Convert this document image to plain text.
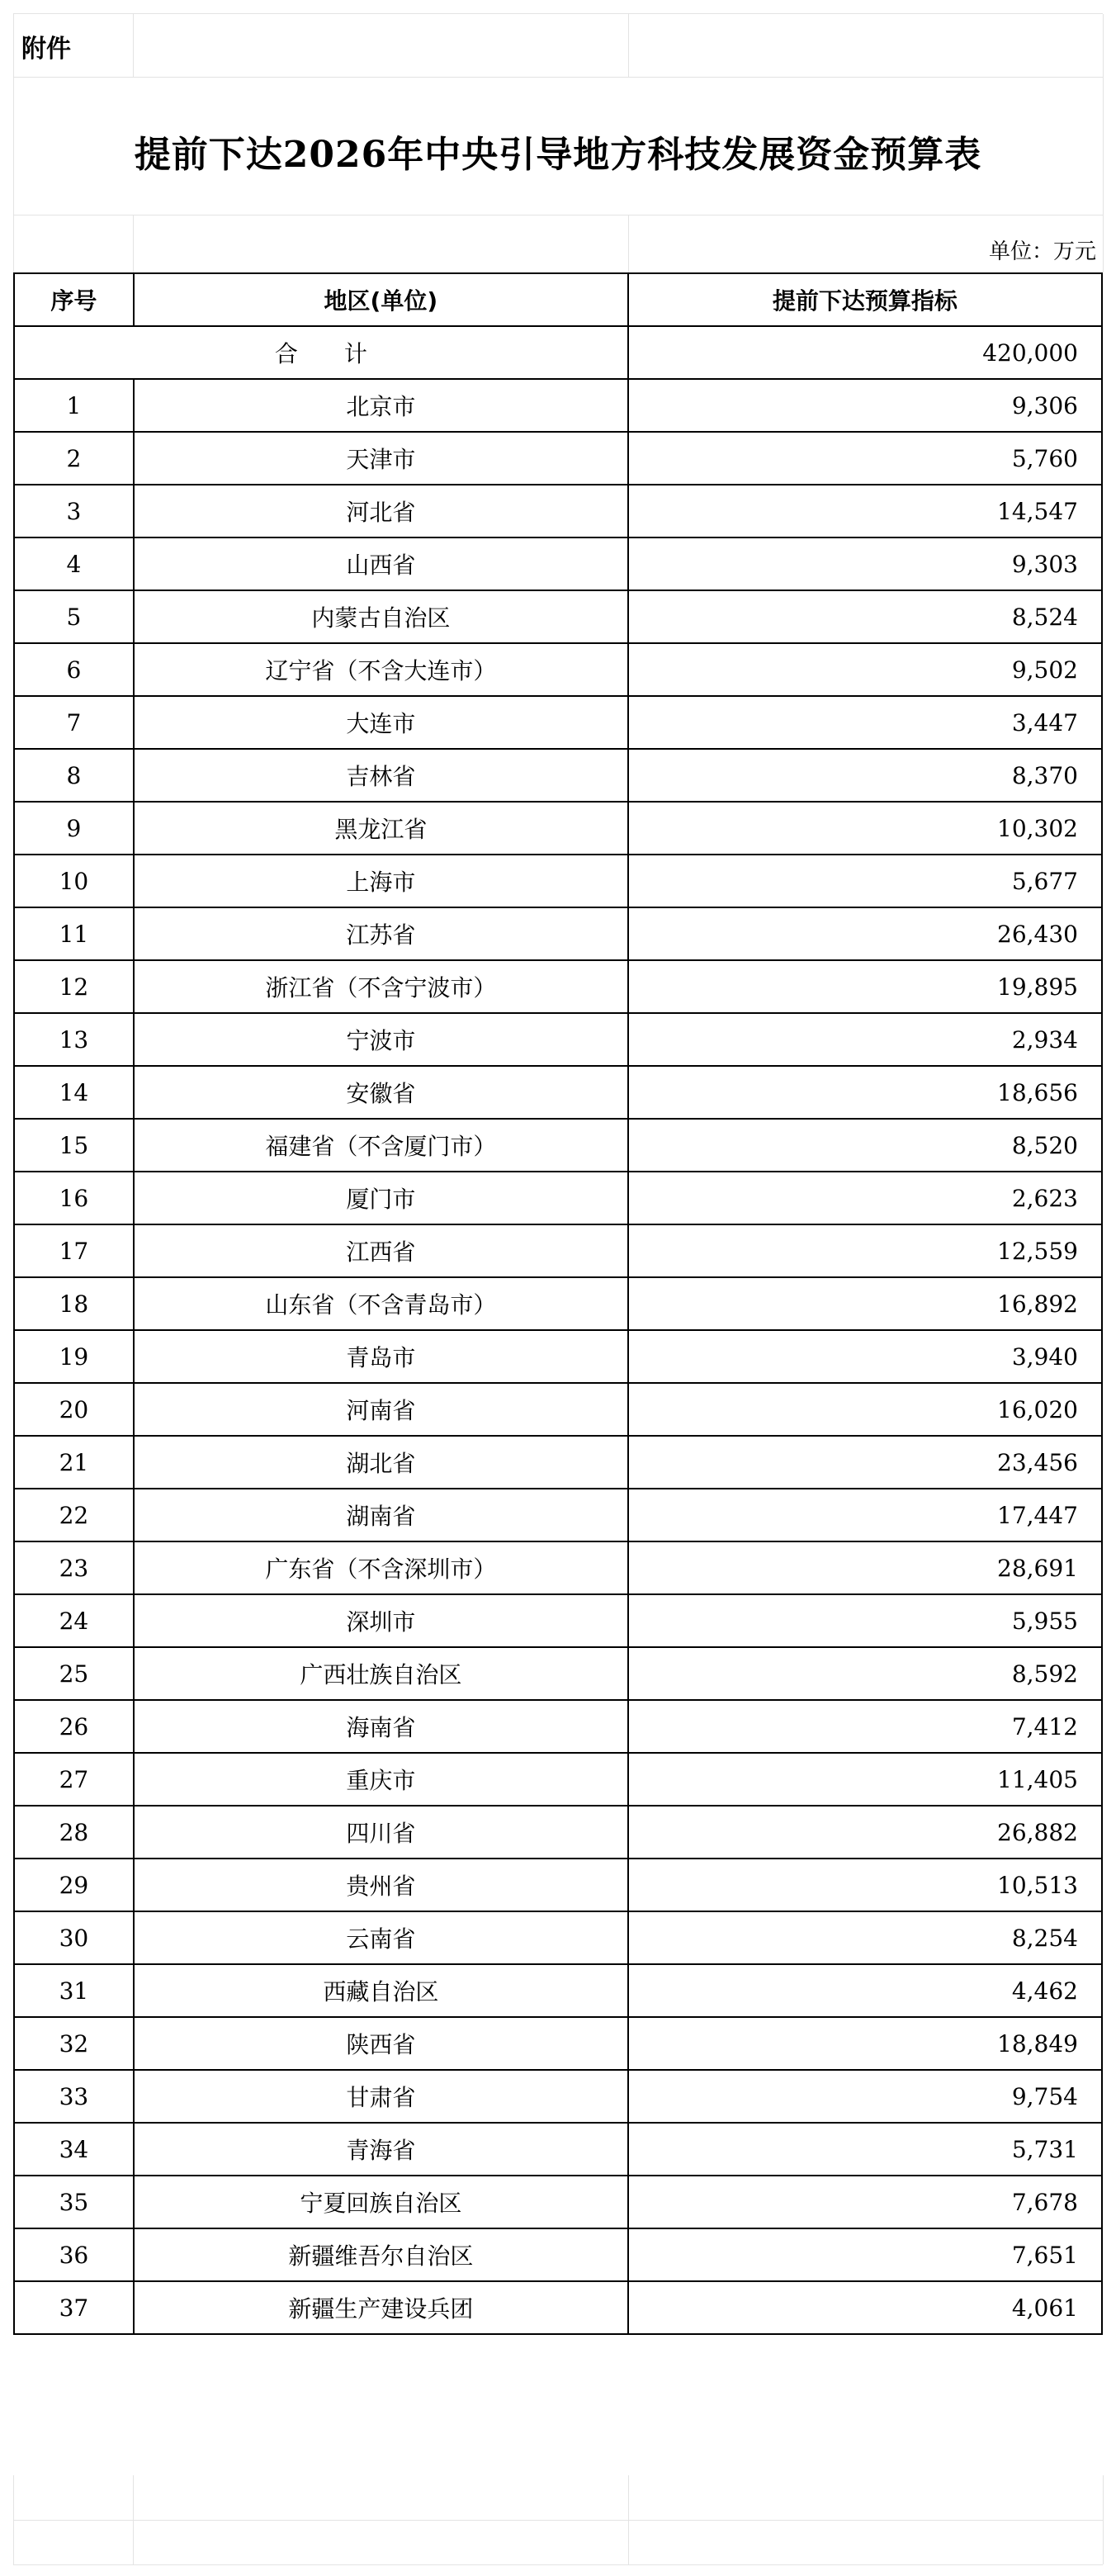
附件
提前下达2026年中央引导地方科技发展资金预算表
单位：万元
序号	地区(单位)	提前下达预算指标
合　　计		420,000
1	北京市	9,306
2	天津市	5,760
3	河北省	14,547
4	山西省	9,303
5	内蒙古自治区	8,524
6	辽宁省（不含大连市）	9,502
7	大连市	3,447
8	吉林省	8,370
9	黑龙江省	10,302
10	上海市	5,677
11	江苏省	26,430
12	浙江省（不含宁波市）	19,895
13	宁波市	2,934
14	安徽省	18,656
15	福建省（不含厦门市）	8,520
16	厦门市	2,623
17	江西省	12,559
18	山东省（不含青岛市）	16,892
19	青岛市	3,940
20	河南省	16,020
21	湖北省	23,456
22	湖南省	17,447
23	广东省（不含深圳市）	28,691
24	深圳市	5,955
25	广西壮族自治区	8,592
26	海南省	7,412
27	重庆市	11,405
28	四川省	26,882
29	贵州省	10,513
30	云南省	8,254
31	西藏自治区	4,462
32	陕西省	18,849
33	甘肃省	9,754
34	青海省	5,731
35	宁夏回族自治区	7,678
36	新疆维吾尔自治区	7,651
37	新疆生产建设兵团	4,061
